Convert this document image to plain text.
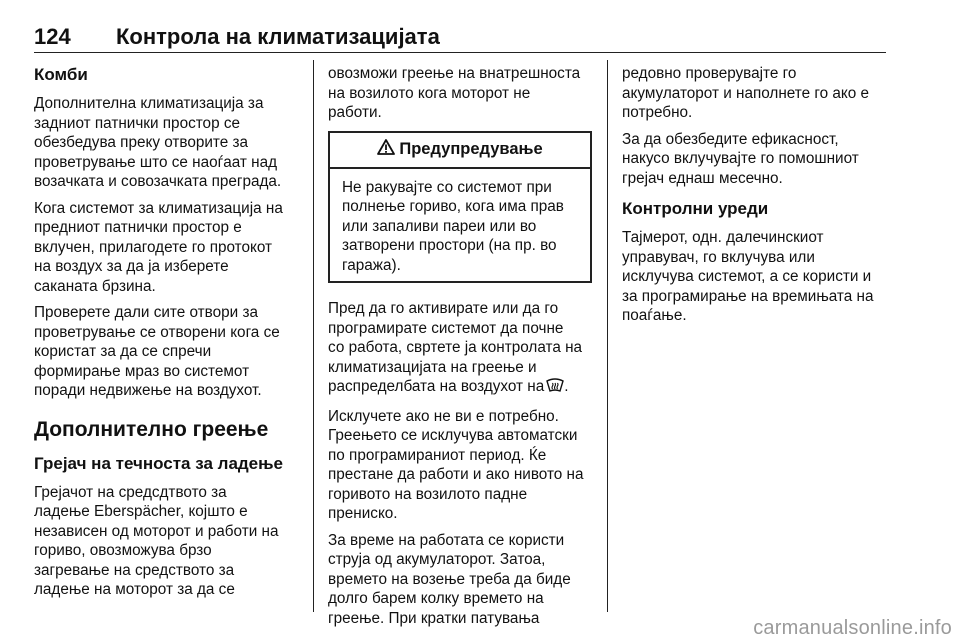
124 Контрола на климатизацијата
Комби

Дополнителна климатизација за
задниот патнички простор се
обезбедува преку отворите за
проветрување што се наоѓаат над
возачката и совозачката преграда.

Кога системот за климатизација на
предниот патнички простор е
вклучен, прилагодете го протокот
на воздух за да ја изберете
саканата брзина.

Проверете дали сите отвори за
проветрување се отворени кога се
користат за да се спречи
формирање мраз во системот
поради недвижење на воздухот.

Дополнително греење
Грејач на течноста за ладење

Грејачот на средсдтвото за
ладење Eberspächer, којшто е
независен од моторот и работи на
гориво, овозможува брзо
загревање на средството за
ладење на моторот за да се

овозможи греење на внатрешноста
на возилото кога моторот не
работи.

Предупредување

Не ракувајте со системот при
полнење гориво, кога има прав
или запаливи пареи или во
затворени простори (на пр. во
гаража).

Пред да го активирате или да го
програмирате системот да почне
со работа, свртете ја контролата на
климатизацијата на греење и
распределбата на воздухот на .

Исклучете ако не ви е потребно.
Греењето се исклучува автоматски
по програмираниот период. Ќе
престане да работи и ако нивото на
горивото на возилото падне
прениско.

За време на работата се користи
струја од акумулаторот. Затоа,
времето на возење треба да биде
долго барем колку времето на
греење. При кратки патувања

редовно проверувајте го
акумулаторот и наполнете го ако е
потребно.

За да обезбедите ефикасност,
накусо вклучувајте го помошниот
грејач еднаш месечно.

Контролни уреди

Тајмерот, одн. далечинскиот
управувач, го вклучува или
исклучува системот, а се користи и
за програмирање на времињата на
поаѓање.

carmanualsonline.info
